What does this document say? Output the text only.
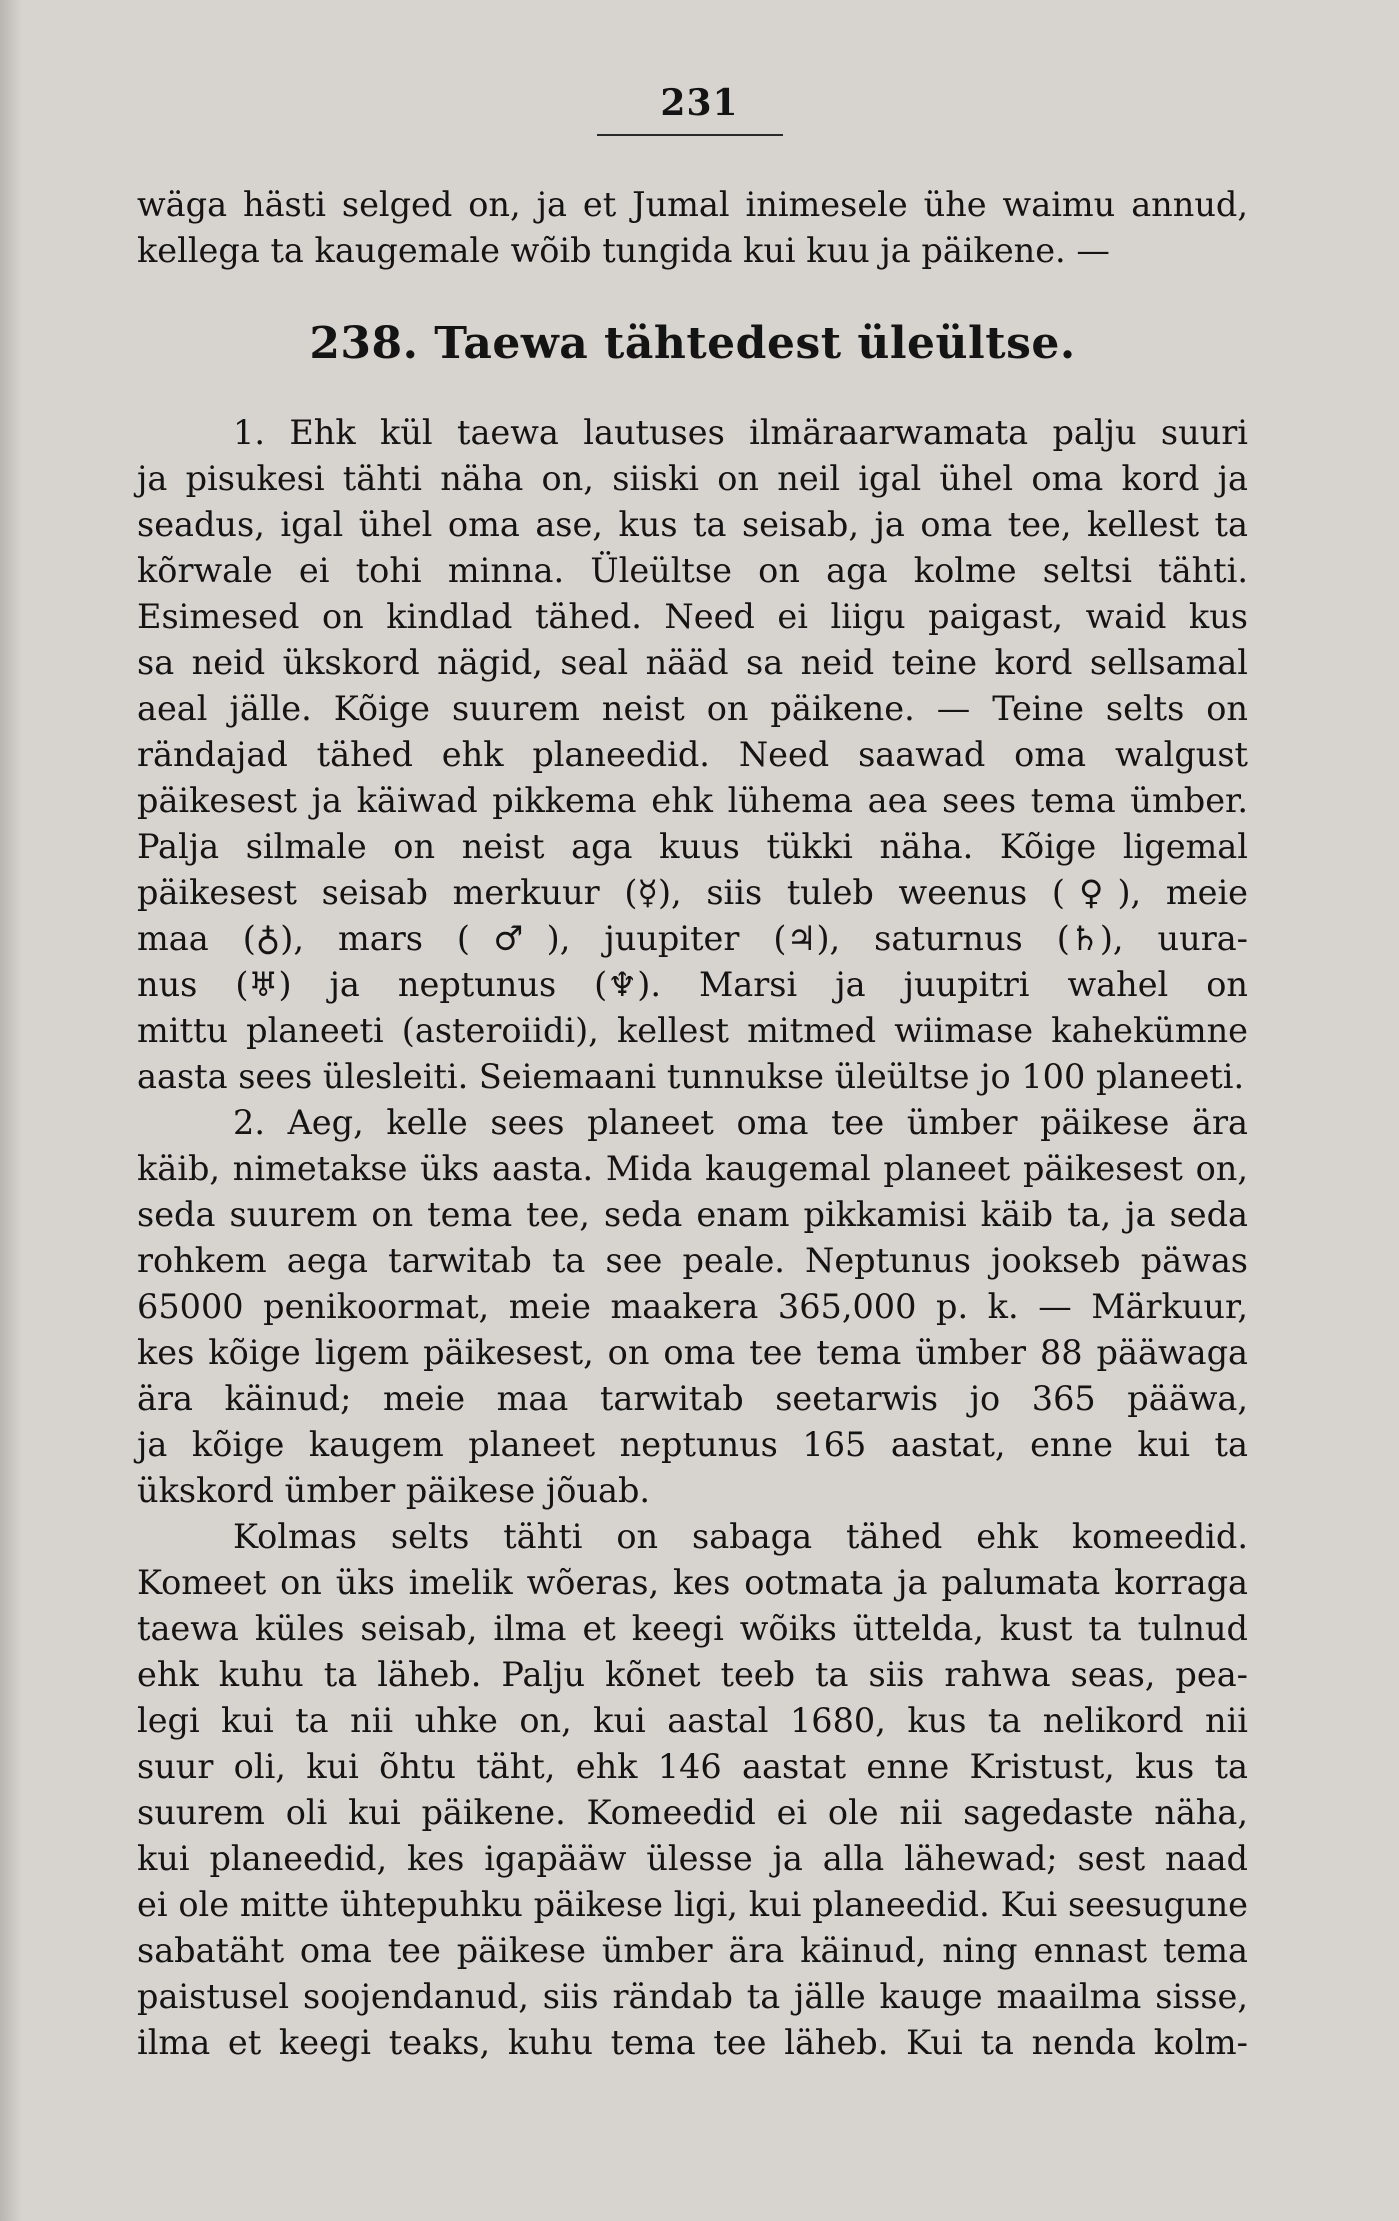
231
wäga hästi selged on, ja et Jumal inimesele ühe waimu annud,
kellega ta kaugemale wõib tungida kui kuu ja päikene. —
238. Taewa tähtedest üleültse.
1. Ehk kül taewa lautuses ilmäraarwamata palju suuri
ja pisukesi tähti näha on, siiski on neil igal ühel oma kord ja
seadus, igal ühel oma ase, kus ta seisab, ja oma tee, kellest ta
kõrwale ei tohi minna. Üleültse on aga kolme seltsi tähti.
Esimesed on kindlad tähed. Need ei liigu paigast, waid kus
sa neid ükskord nägid, seal nääd sa neid teine kord sellsamal
aeal jälle. Kõige suurem neist on päikene. — Teine selts on
rändajad tähed ehk planeedid. Need saawad oma walgust
päikesest ja käiwad pikkema ehk lühema aea sees tema ümber.
Palja silmale on neist aga kuus tükki näha. Kõige ligemal
päikesest seisab merkuur (☿), siis tuleb weenus (♀), meie
maa (♁), mars (♂), juupiter (♃), saturnus (♄), uura-
nus (♅) ja neptunus (♆). Marsi ja juupitri wahel on
mittu planeeti (asteroiidi), kellest mitmed wiimase kahekümne
aasta sees ülesleiti. Seiemaani tunnukse üleültse jo 100 planeeti.
2. Aeg, kelle sees planeet oma tee ümber päikese ära
käib, nimetakse üks aasta. Mida kaugemal planeet päikesest on,
seda suurem on tema tee, seda enam pikkamisi käib ta, ja seda
rohkem aega tarwitab ta see peale. Neptunus jookseb päwas
65000 penikoormat, meie maakera 365,000 p. k. — Märkuur,
kes kõige ligem päikesest, on oma tee tema ümber 88 pääwaga
ära käinud; meie maa tarwitab seetarwis jo 365 pääwa,
ja kõige kaugem planeet neptunus 165 aastat, enne kui ta
ükskord ümber päikese jõuab.
Kolmas selts tähti on sabaga tähed ehk komeedid.
Komeet on üks imelik wõeras, kes ootmata ja palumata korraga
taewa küles seisab, ilma et keegi wõiks üttelda, kust ta tulnud
ehk kuhu ta läheb. Palju kõnet teeb ta siis rahwa seas, pea-
legi kui ta nii uhke on, kui aastal 1680, kus ta nelikord nii
suur oli, kui õhtu täht, ehk 146 aastat enne Kristust, kus ta
suurem oli kui päikene. Komeedid ei ole nii sagedaste näha,
kui planeedid, kes igapääw ülesse ja alla lähewad; sest naad
ei ole mitte ühtepuhku päikese ligi, kui planeedid. Kui seesugune
sabatäht oma tee päikese ümber ära käinud, ning ennast tema
paistusel soojendanud, siis rändab ta jälle kauge maailma sisse,
ilma et keegi teaks, kuhu tema tee läheb. Kui ta nenda kolm-
